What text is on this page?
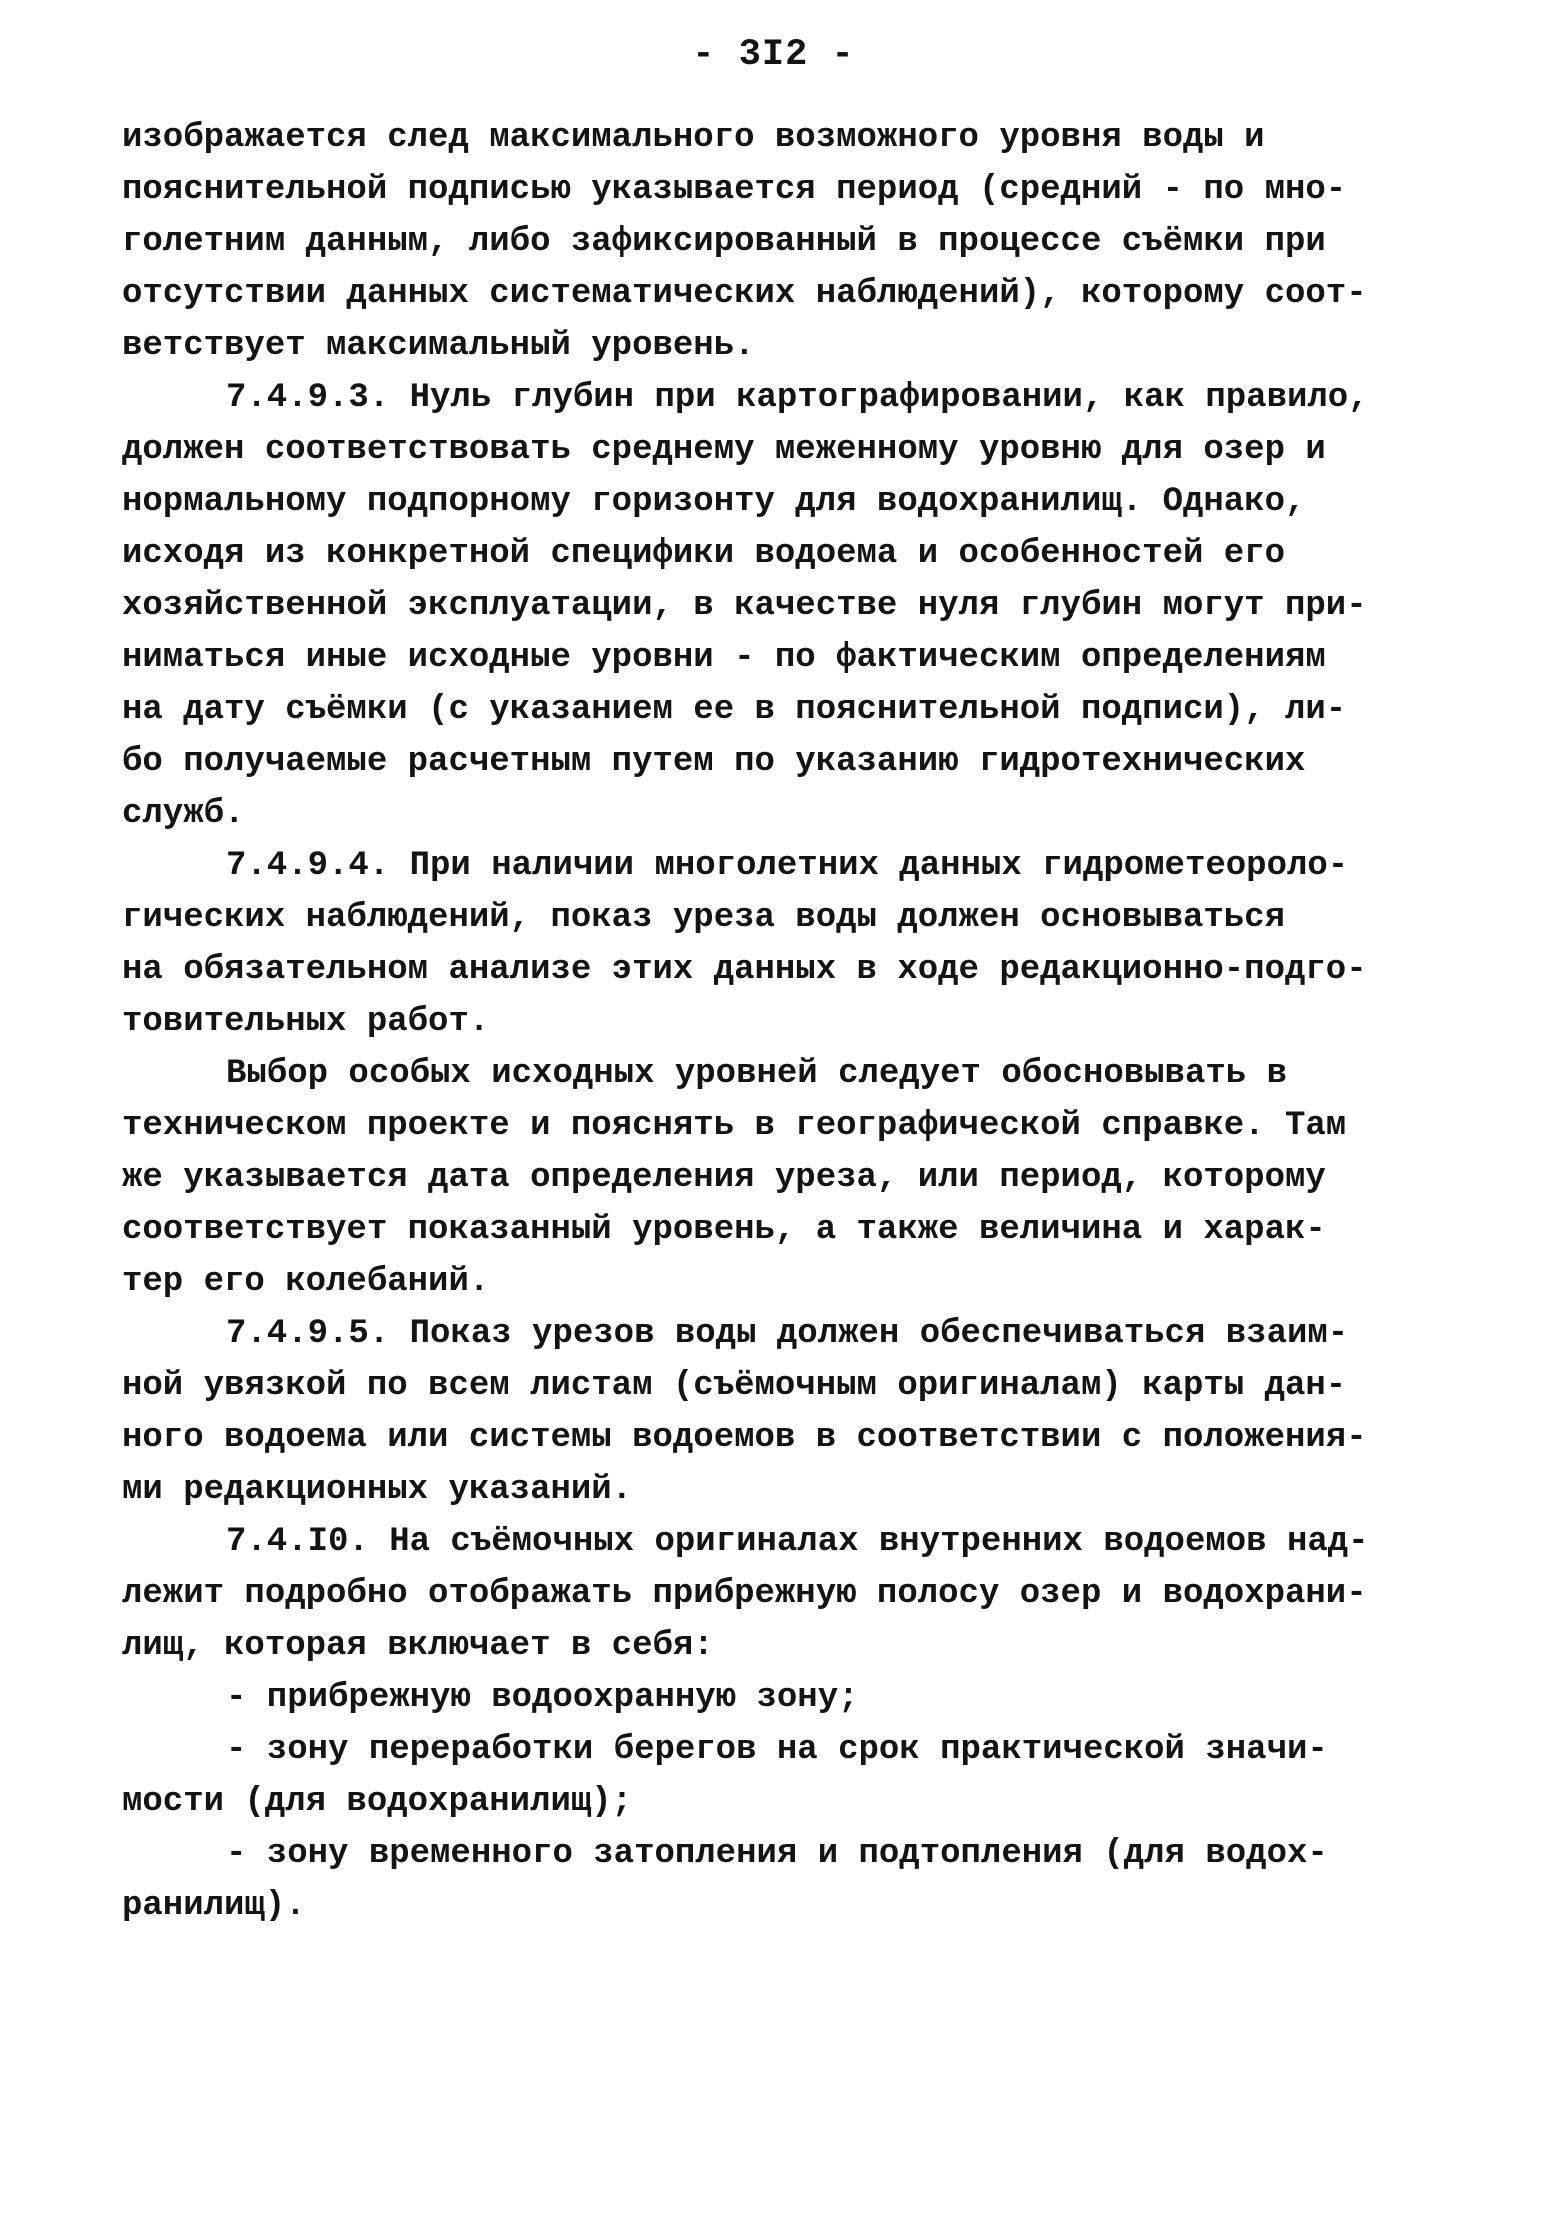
- 3I2 -
изображается след максимального возможного уровня воды и
пояснительной подписью указывается период (средний - по мно-
голетним данным, либо зафиксированный в процессе съёмки при
отсутствии данных систематических наблюдений), которому соот-
ветствует максимальный уровень.
7.4.9.3. Нуль глубин при картографировании, как правило,
должен соответствовать среднему меженному уровню для озер и
нормальному подпорному горизонту для водохранилищ. Однако,
исходя из конкретной специфики водоема и особенностей его
хозяйственной эксплуатации, в качестве нуля глубин могут при-
ниматься иные исходные уровни - по фактическим определениям
на дату съёмки (с указанием ее в пояснительной подписи), ли-
бо получаемые расчетным путем по указанию гидротехнических
служб.
7.4.9.4. При наличии многолетних данных гидрометеороло-
гических наблюдений, показ уреза воды должен основываться
на обязательном анализе этих данных в ходе редакционно-подго-
товительных работ.
Выбор особых исходных уровней следует обосновывать в
техническом проекте и пояснять в географической справке. Там
же указывается дата определения уреза, или период, которому
соответствует показанный уровень, а также величина и харак-
тер его колебаний.
7.4.9.5. Показ урезов воды должен обеспечиваться взаим-
ной увязкой по всем листам (съёмочным оригиналам) карты дан-
ного водоема или системы водоемов в соответствии с положения-
ми редакционных указаний.
7.4.I0. На съёмочных оригиналах внутренних водоемов над-
лежит подробно отображать прибрежную полосу озер и водохрани-
лищ, которая включает в себя:
- прибрежную водоохранную зону;
- зону переработки берегов на срок практической значи-
мости (для водохранилищ);
- зону временного затопления и подтопления (для водох-
ранилищ).
